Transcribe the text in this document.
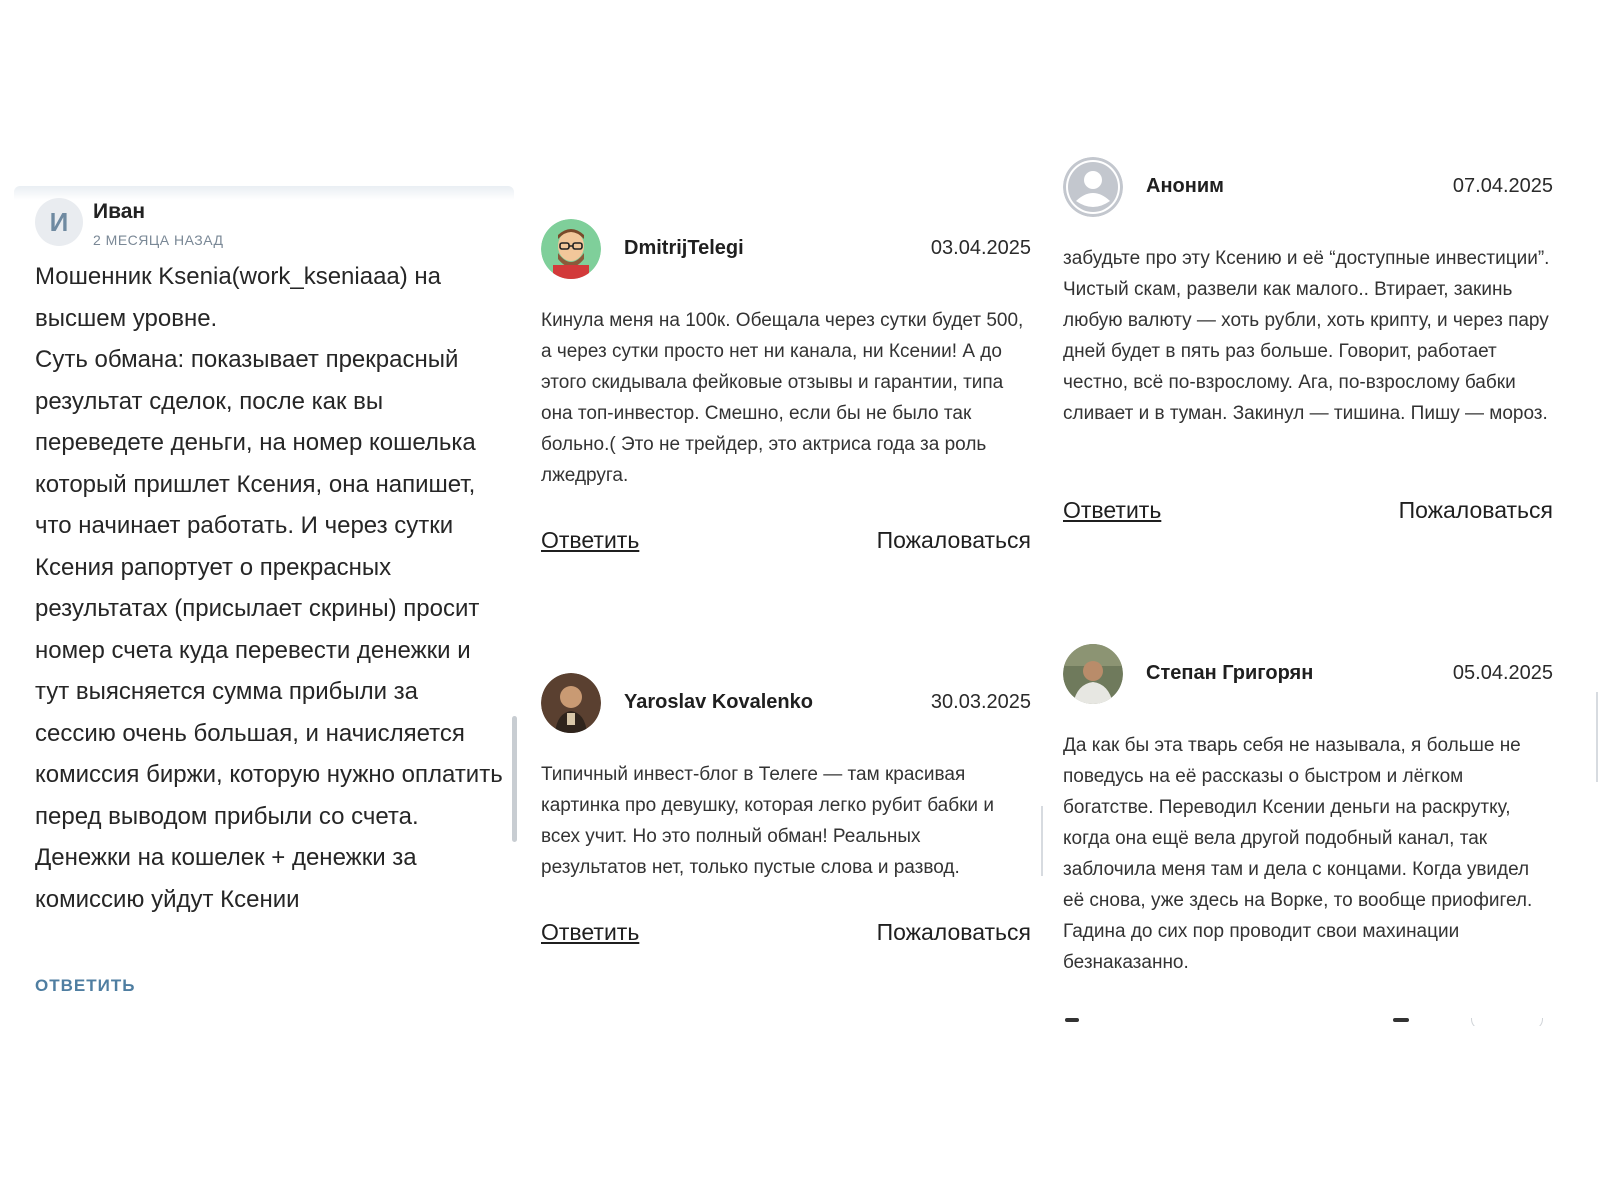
И	Иван
2 МЕСЯЦА НАЗАД
Мошенник Ksenia(work_kseniaaa) на высшем уровне.
Суть обмана: показывает прекрасный результат сделок, после как вы переведете деньги, на номер кошелька который пришлет Ксения, она напишет, что начинает работать. И через сутки Ксения рапортует о прекрасных результатах (присылает скрины) просит номер счета куда перевести денежки и тут выясняется сумма прибыли за сессию очень большая, и начисляется комиссия биржи, которую нужно оплатить перед выводом прибыли со счета. Денежки на кошелек + денежки за комиссию уйдут Ксении
ОТВЕТИТЬ
DmitrijTelegi	03.04.2025
Кинула меня на 100к. Обещала через сутки будет 500, а через сутки просто нет ни канала, ни Ксении! А до этого скидывала фейковые отзывы и гарантии, типа она топ-инвестор. Смешно, если бы не было так больно.( Это не трейдер, это актриса года за роль лжедруга.
Ответить	Пожаловаться
Yaroslav Kovalenko	30.03.2025
Типичный инвест-блог в Телеге — там красивая картинка про девушку, которая легко рубит бабки и всех учит. Но это полный обман! Реальных результатов нет, только пустые слова и развод.
Ответить	Пожаловаться
Аноним	07.04.2025
забудьте про эту Ксению и её “доступные инвестиции”. Чистый скам, развели как малого.. Втирает, закинь любую валюту — хоть рубли, хоть крипту, и через пару дней будет в пять раз больше. Говорит, работает честно, всё по-взрослому. Ага, по-взрослому бабки сливает и в туман. Закинул — тишина. Пишу — мороз.
Ответить	Пожаловаться
Степан Григорян	05.04.2025
Да как бы эта тварь себя не называла, я больше не поведусь на её рассказы о быстром и лёгком богатстве. Переводил Ксении деньги на раскрутку, когда она ещё вела другой подобный канал, так заблочила меня там и дела с концами. Когда увидел её снова, уже здесь на Ворке, то вообще приофигел. Гадина до сих пор проводит свои махинации безнаказанно.
